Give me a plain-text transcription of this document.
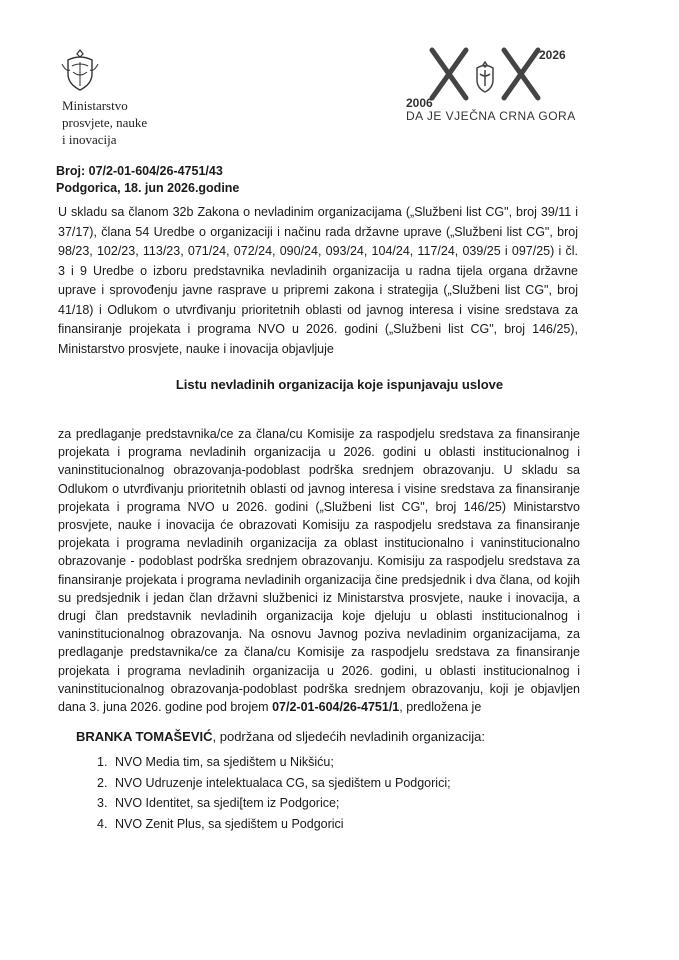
Ministarstvo
prosvjete, nauke
i inovacija
2026
2006
DA JE VJEČNA CRNA GORA
Broj: 07/2-01-604/26-4751/43
Podgorica, 18. jun 2026.godine

U skladu sa članom 32b Zakona o nevladinim organizacijama („Službeni list CG", broj 39/11 i 37/17), člana 54 Uredbe o organizaciji i načinu rada državne uprave („Službeni list CG", broj 98/23, 102/23, 113/23, 071/24, 072/24, 090/24, 093/24, 104/24, 117/24, 039/25 i 097/25) i čl. 3 i 9 Uredbe o izboru predstavnika nevladinih organizacija u radna tijela organa državne uprave i sprovođenju javne rasprave u pripremi zakona i strategija („Službeni list CG", broj 41/18) i Odlukom o utvrđivanju prioritetnih oblasti od javnog interesa i visine sredstava za finansiranje projekata i programa NVO u 2026. godini („Službeni list CG", broj 146/25), Ministarstvo prosvjete, nauke i inovacija objavljuje

Listu nevladinih organizacija koje ispunjavaju uslove

za predlaganje predstavnika/ce za člana/cu Komisije za raspodjelu sredstava za finansiranje projekata i programa nevladinih organizacija u 2026. godini u oblasti institucionalnog i vaninstitucionalnog obrazovanja-podoblast podrška srednjem obrazovanju. U skladu sa Odlukom o utvrđivanju prioritetnih oblasti od javnog interesa i visine sredstava za finansiranje projekata i programa NVO u 2026. godini („Službeni list CG", broj 146/25) Ministarstvo prosvjete, nauke i inovacija će obrazovati Komisiju za raspodjelu sredstava za finansiranje projekata i programa nevladinih organizacija za oblast institucionalno i vaninstitucionalno obrazovanje - podoblast podrška srednjem obrazovanju. Komisiju za raspodjelu sredstava za finansiranje projekata i programa nevladinih organizacija čine predsjednik i dva člana, od kojih su predsjednik i jedan član državni službenici iz Ministarstva prosvjete, nauke i inovacija, a drugi član predstavnik nevladinih organizacija koje djeluju u oblasti institucionalnog i vaninstitucionalnog obrazovanja. Na osnovu Javnog poziva nevladinim organizacijama, za predlaganje predstavnika/ce za člana/cu Komisije za raspodjelu sredstava za finansiranje projekata i programa nevladinih organizacija u 2026. godini, u oblasti institucionalnog i vaninstitucionalnog obrazovanja-podoblast podrška srednjem obrazovanju, koji je objavljen dana 3. juna 2026. godine pod brojem 07/2-01-604/26-4751/1, predložena je

BRANKA TOMAŠEVIĆ, podržana od sljedećih nevladinih organizacija:
1. NVO Media tim, sa sjedištem u Nikšiću;
2. NVO Udruzenje intelektualaca CG, sa sjedištem u Podgorici;
3. NVO Identitet, sa sjedi[tem iz Podgorice;
4. NVO Zenit Plus, sa sjedištem u Podgorici
